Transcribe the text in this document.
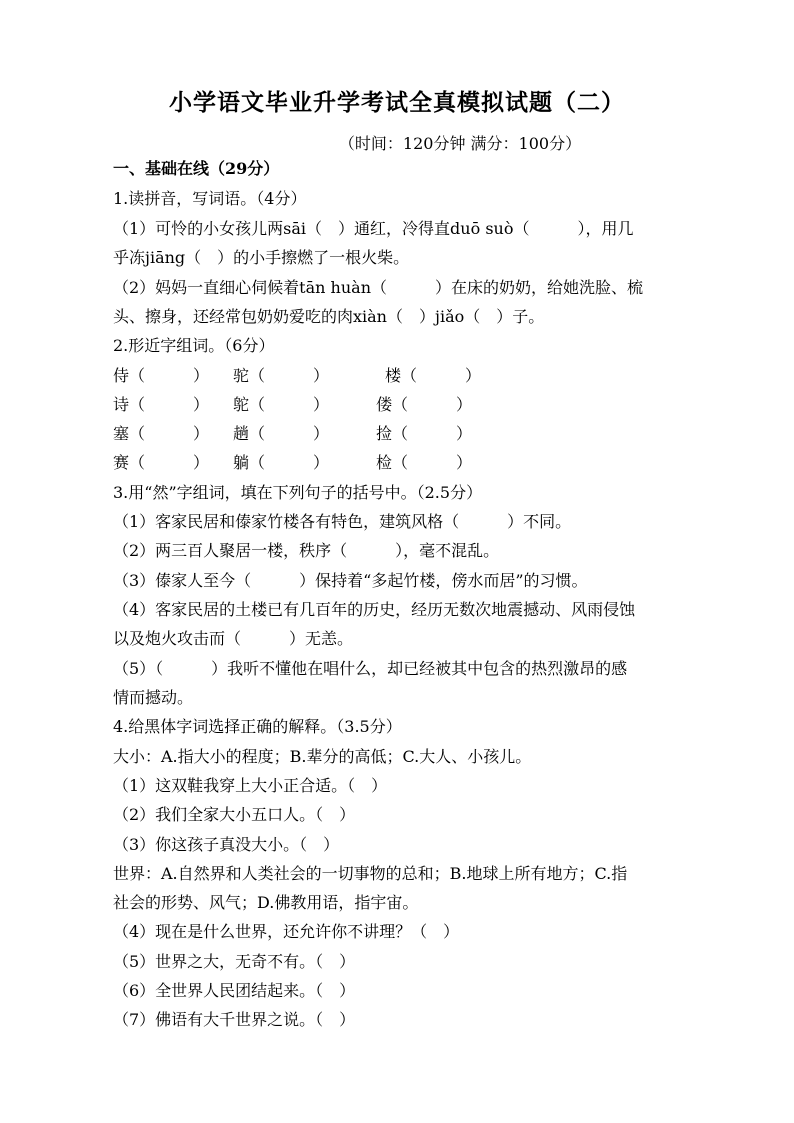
小学语文毕业升学考试全真模拟试题（二）
（时间：120分钟 满分：100分）
一、基础在线（29分）
1.读拼音，写词语。（4分）
（1）可怜的小女孩儿两sāi（　）通红，冷得直duō suò（　　　），用几
乎冻jiāng（　）的小手擦燃了一根火柴。
（2）妈妈一直细心伺候着tān huàn（　　　）在床的奶奶，给她洗脸、梳
头、擦身，还经常包奶奶爱吃的肉xiàn（　）jiǎo（　）子。
2.形近字组词。（6分）
侍（　　　） 驼（　　　）	楼（　　　）
诗（　　　） 鸵（　　　）	偻（　　　）
塞（　　　） 趟（　　　）	捡（　　　）
赛（　　　） 躺（　　　）	检（　　　）
3.用“然”字组词，填在下列句子的括号中。（2.5分）
（1）客家民居和傣家竹楼各有特色，建筑风格（　　　）不同。
（2）两三百人聚居一楼，秩序（　　　），毫不混乱。
（3）傣家人至今（　　　）保持着“多起竹楼，傍水而居”的习惯。
（4）客家民居的土楼已有几百年的历史，经历无数次地震撼动、风雨侵蚀
以及炮火攻击而（　　　）无恙。
（5）（　　　）我听不懂他在唱什么，却已经被其中包含的热烈激昂的感
情而撼动。
4.给黑体字词选择正确的解释。（3.5分）
大小：A.指大小的程度；B.辈分的高低；C.大人、小孩儿。
（1）这双鞋我穿上大小正合适。（　）
（2）我们全家大小五口人。（　）
（3）你这孩子真没大小。（　）
世界：A.自然界和人类社会的一切事物的总和；B.地球上所有地方；C.指
社会的形势、风气；D.佛教用语，指宇宙。
（4）现在是什么世界，还允许你不讲理？（　）
（5）世界之大，无奇不有。（　）
（6）全世界人民团结起来。（　）
（7）佛语有大千世界之说。（　）
